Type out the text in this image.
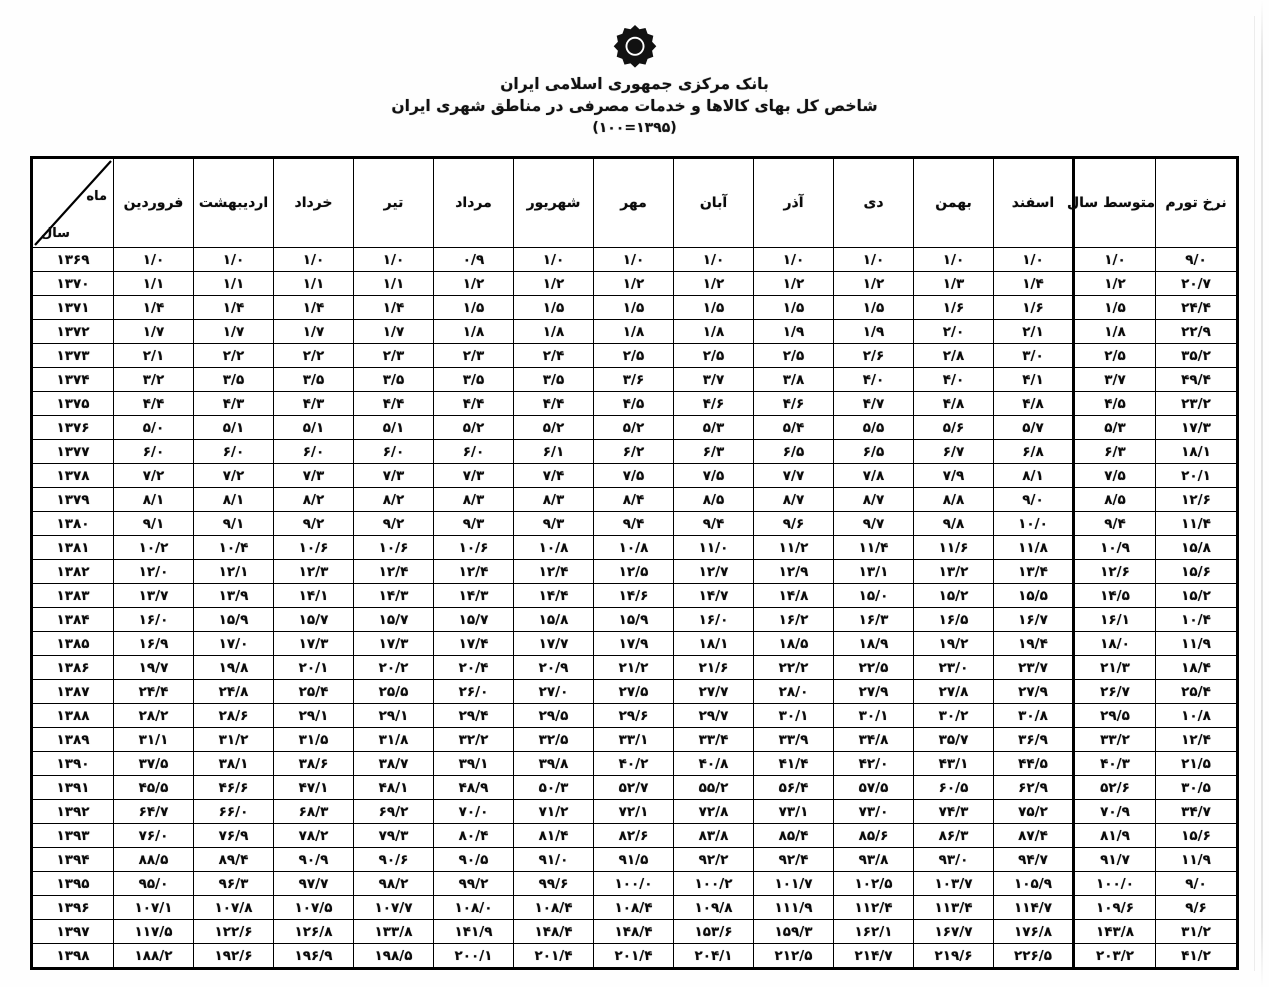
بانک مرکزی جمهوری اسلامی ایران
شاخص کل بهای کالاها و خدمات مصرفی در مناطق شهری ایران
(۱۳۹۵=۱۰۰)
نرخ تورم	متوسط سال	اسفند	بهمن	دی	آذر	آبان	مهر	شهریور	مرداد	تیر	خرداد	اردیبهشت	فروردین	ماه
سال

۹/۰	۱/۰	۱/۰	۱/۰	۱/۰	۱/۰	۱/۰	۱/۰	۱/۰	۰/۹	۱/۰	۱/۰	۱/۰	۱/۰	۱۳۶۹
۲۰/۷	۱/۲	۱/۴	۱/۳	۱/۲	۱/۲	۱/۲	۱/۲	۱/۲	۱/۲	۱/۱	۱/۱	۱/۱	۱/۱	۱۳۷۰
۲۴/۴	۱/۵	۱/۶	۱/۶	۱/۵	۱/۵	۱/۵	۱/۵	۱/۵	۱/۵	۱/۴	۱/۴	۱/۴	۱/۴	۱۳۷۱
۲۲/۹	۱/۸	۲/۱	۲/۰	۱/۹	۱/۹	۱/۸	۱/۸	۱/۸	۱/۸	۱/۷	۱/۷	۱/۷	۱/۷	۱۳۷۲
۳۵/۲	۲/۵	۳/۰	۲/۸	۲/۶	۲/۵	۲/۵	۲/۵	۲/۴	۲/۳	۲/۳	۲/۲	۲/۲	۲/۱	۱۳۷۳
۴۹/۴	۳/۷	۴/۱	۴/۰	۴/۰	۳/۸	۳/۷	۳/۶	۳/۵	۳/۵	۳/۵	۳/۵	۳/۵	۳/۲	۱۳۷۴
۲۳/۲	۴/۵	۴/۸	۴/۸	۴/۷	۴/۶	۴/۶	۴/۵	۴/۴	۴/۴	۴/۴	۴/۳	۴/۳	۴/۴	۱۳۷۵
۱۷/۳	۵/۳	۵/۷	۵/۶	۵/۵	۵/۴	۵/۳	۵/۲	۵/۲	۵/۲	۵/۱	۵/۱	۵/۱	۵/۰	۱۳۷۶
۱۸/۱	۶/۳	۶/۸	۶/۷	۶/۵	۶/۵	۶/۳	۶/۲	۶/۱	۶/۰	۶/۰	۶/۰	۶/۰	۶/۰	۱۳۷۷
۲۰/۱	۷/۵	۸/۱	۷/۹	۷/۸	۷/۷	۷/۵	۷/۵	۷/۴	۷/۳	۷/۳	۷/۳	۷/۲	۷/۲	۱۳۷۸
۱۲/۶	۸/۵	۹/۰	۸/۸	۸/۷	۸/۷	۸/۵	۸/۴	۸/۳	۸/۳	۸/۲	۸/۲	۸/۱	۸/۱	۱۳۷۹
۱۱/۴	۹/۴	۱۰/۰	۹/۸	۹/۷	۹/۶	۹/۴	۹/۴	۹/۳	۹/۳	۹/۲	۹/۲	۹/۱	۹/۱	۱۳۸۰
۱۵/۸	۱۰/۹	۱۱/۸	۱۱/۶	۱۱/۴	۱۱/۲	۱۱/۰	۱۰/۸	۱۰/۸	۱۰/۶	۱۰/۶	۱۰/۶	۱۰/۴	۱۰/۲	۱۳۸۱
۱۵/۶	۱۲/۶	۱۳/۴	۱۳/۲	۱۳/۱	۱۲/۹	۱۲/۷	۱۲/۵	۱۲/۴	۱۲/۴	۱۲/۴	۱۲/۳	۱۲/۱	۱۲/۰	۱۳۸۲
۱۵/۲	۱۴/۵	۱۵/۵	۱۵/۲	۱۵/۰	۱۴/۸	۱۴/۷	۱۴/۶	۱۴/۴	۱۴/۳	۱۴/۳	۱۴/۱	۱۳/۹	۱۳/۷	۱۳۸۳
۱۰/۴	۱۶/۱	۱۶/۷	۱۶/۵	۱۶/۳	۱۶/۲	۱۶/۰	۱۵/۹	۱۵/۸	۱۵/۷	۱۵/۷	۱۵/۷	۱۵/۹	۱۶/۰	۱۳۸۴
۱۱/۹	۱۸/۰	۱۹/۴	۱۹/۲	۱۸/۹	۱۸/۵	۱۸/۱	۱۷/۹	۱۷/۷	۱۷/۴	۱۷/۳	۱۷/۳	۱۷/۰	۱۶/۹	۱۳۸۵
۱۸/۴	۲۱/۳	۲۳/۷	۲۳/۰	۲۲/۵	۲۲/۲	۲۱/۶	۲۱/۲	۲۰/۹	۲۰/۴	۲۰/۲	۲۰/۱	۱۹/۸	۱۹/۷	۱۳۸۶
۲۵/۴	۲۶/۷	۲۷/۹	۲۷/۸	۲۷/۹	۲۸/۰	۲۷/۷	۲۷/۵	۲۷/۰	۲۶/۰	۲۵/۵	۲۵/۴	۲۴/۸	۲۴/۴	۱۳۸۷
۱۰/۸	۲۹/۵	۳۰/۸	۳۰/۲	۳۰/۱	۳۰/۱	۲۹/۷	۲۹/۶	۲۹/۵	۲۹/۴	۲۹/۱	۲۹/۱	۲۸/۶	۲۸/۲	۱۳۸۸
۱۲/۴	۳۳/۲	۳۶/۹	۳۵/۷	۳۴/۸	۳۳/۹	۳۳/۴	۳۳/۱	۳۲/۵	۳۲/۲	۳۱/۸	۳۱/۵	۳۱/۲	۳۱/۱	۱۳۸۹
۲۱/۵	۴۰/۳	۴۴/۵	۴۳/۱	۴۲/۰	۴۱/۴	۴۰/۸	۴۰/۲	۳۹/۸	۳۹/۱	۳۸/۷	۳۸/۶	۳۸/۱	۳۷/۵	۱۳۹۰
۳۰/۵	۵۲/۶	۶۲/۹	۶۰/۵	۵۷/۵	۵۶/۴	۵۵/۲	۵۲/۷	۵۰/۳	۴۸/۹	۴۸/۱	۴۷/۱	۴۶/۶	۴۵/۵	۱۳۹۱
۳۴/۷	۷۰/۹	۷۵/۲	۷۴/۳	۷۳/۰	۷۳/۱	۷۲/۸	۷۲/۱	۷۱/۲	۷۰/۰	۶۹/۲	۶۸/۳	۶۶/۰	۶۴/۷	۱۳۹۲
۱۵/۶	۸۱/۹	۸۷/۴	۸۶/۳	۸۵/۶	۸۵/۴	۸۳/۸	۸۲/۶	۸۱/۴	۸۰/۴	۷۹/۳	۷۸/۲	۷۶/۹	۷۶/۰	۱۳۹۳
۱۱/۹	۹۱/۷	۹۴/۷	۹۳/۰	۹۳/۸	۹۲/۴	۹۲/۲	۹۱/۵	۹۱/۰	۹۰/۵	۹۰/۶	۹۰/۹	۸۹/۴	۸۸/۵	۱۳۹۴
۹/۰	۱۰۰/۰	۱۰۵/۹	۱۰۳/۷	۱۰۲/۵	۱۰۱/۷	۱۰۰/۲	۱۰۰/۰	۹۹/۶	۹۹/۲	۹۸/۲	۹۷/۷	۹۶/۳	۹۵/۰	۱۳۹۵
۹/۶	۱۰۹/۶	۱۱۴/۷	۱۱۳/۴	۱۱۲/۴	۱۱۱/۹	۱۰۹/۸	۱۰۸/۴	۱۰۸/۴	۱۰۸/۰	۱۰۷/۷	۱۰۷/۵	۱۰۷/۸	۱۰۷/۱	۱۳۹۶
۳۱/۲	۱۴۳/۸	۱۷۶/۸	۱۶۷/۷	۱۶۲/۱	۱۵۹/۳	۱۵۳/۶	۱۴۸/۴	۱۴۸/۴	۱۴۱/۹	۱۳۳/۸	۱۲۶/۸	۱۲۲/۶	۱۱۷/۵	۱۳۹۷
۴۱/۲	۲۰۳/۲	۲۲۶/۵	۲۱۹/۶	۲۱۴/۷	۲۱۲/۵	۲۰۴/۱	۲۰۱/۴	۲۰۱/۴	۲۰۰/۱	۱۹۸/۵	۱۹۶/۹	۱۹۲/۶	۱۸۸/۲	۱۳۹۸
